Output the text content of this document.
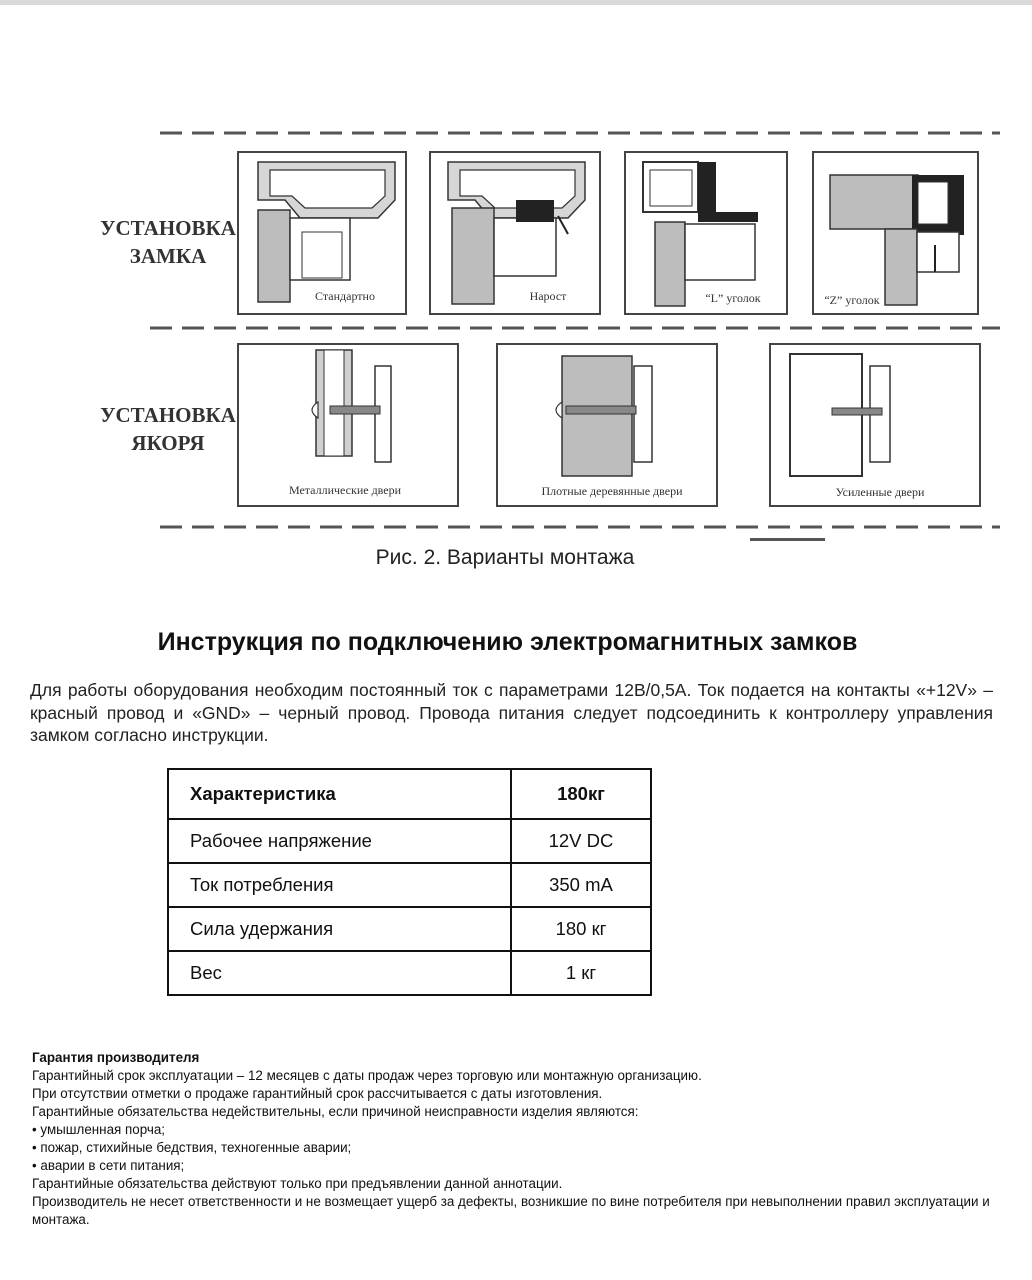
УСТАНОВКА
ЗАМКА
УСТАНОВКА
ЯКОРЯ
Стандартно	Нарост	“L” уголок	“Z” уголок
Металлические двери	Плотные деревянные двери	Усиленные двери
Рис. 2. Варианты монтажа
Инструкция по подключению электромагнитных замков

Для работы оборудования необходим постоянный ток с параметрами 12В/0,5А. Ток подается на контакты «+12V» – красный провод и «GND» – черный провод. Провода питания следует подсоединить к контроллеру управления замком согласно инструкции.

Характеристика	180кг
Рабочее напряжение	12V DC
Ток потребления	350 mA
Сила удержания	180 кг
Вес	1 кг
Гарантия производителя
Гарантийный срок эксплуатации – 12 месяцев с даты продаж через торговую или монтажную организацию.
При отсутствии отметки о продаже гарантийный срок рассчитывается с даты изготовления.
Гарантийные обязательства недействительны, если причиной неисправности изделия являются:
• умышленная порча;
• пожар, стихийные бедствия, техногенные аварии;
• аварии в сети питания;
Гарантийные обязательства действуют только при предъявлении данной аннотации.
Производитель не несет ответственности и не возмещает ущерб за дефекты, возникшие по вине потребителя при невыполнении правил эксплуатации и монтажа.
